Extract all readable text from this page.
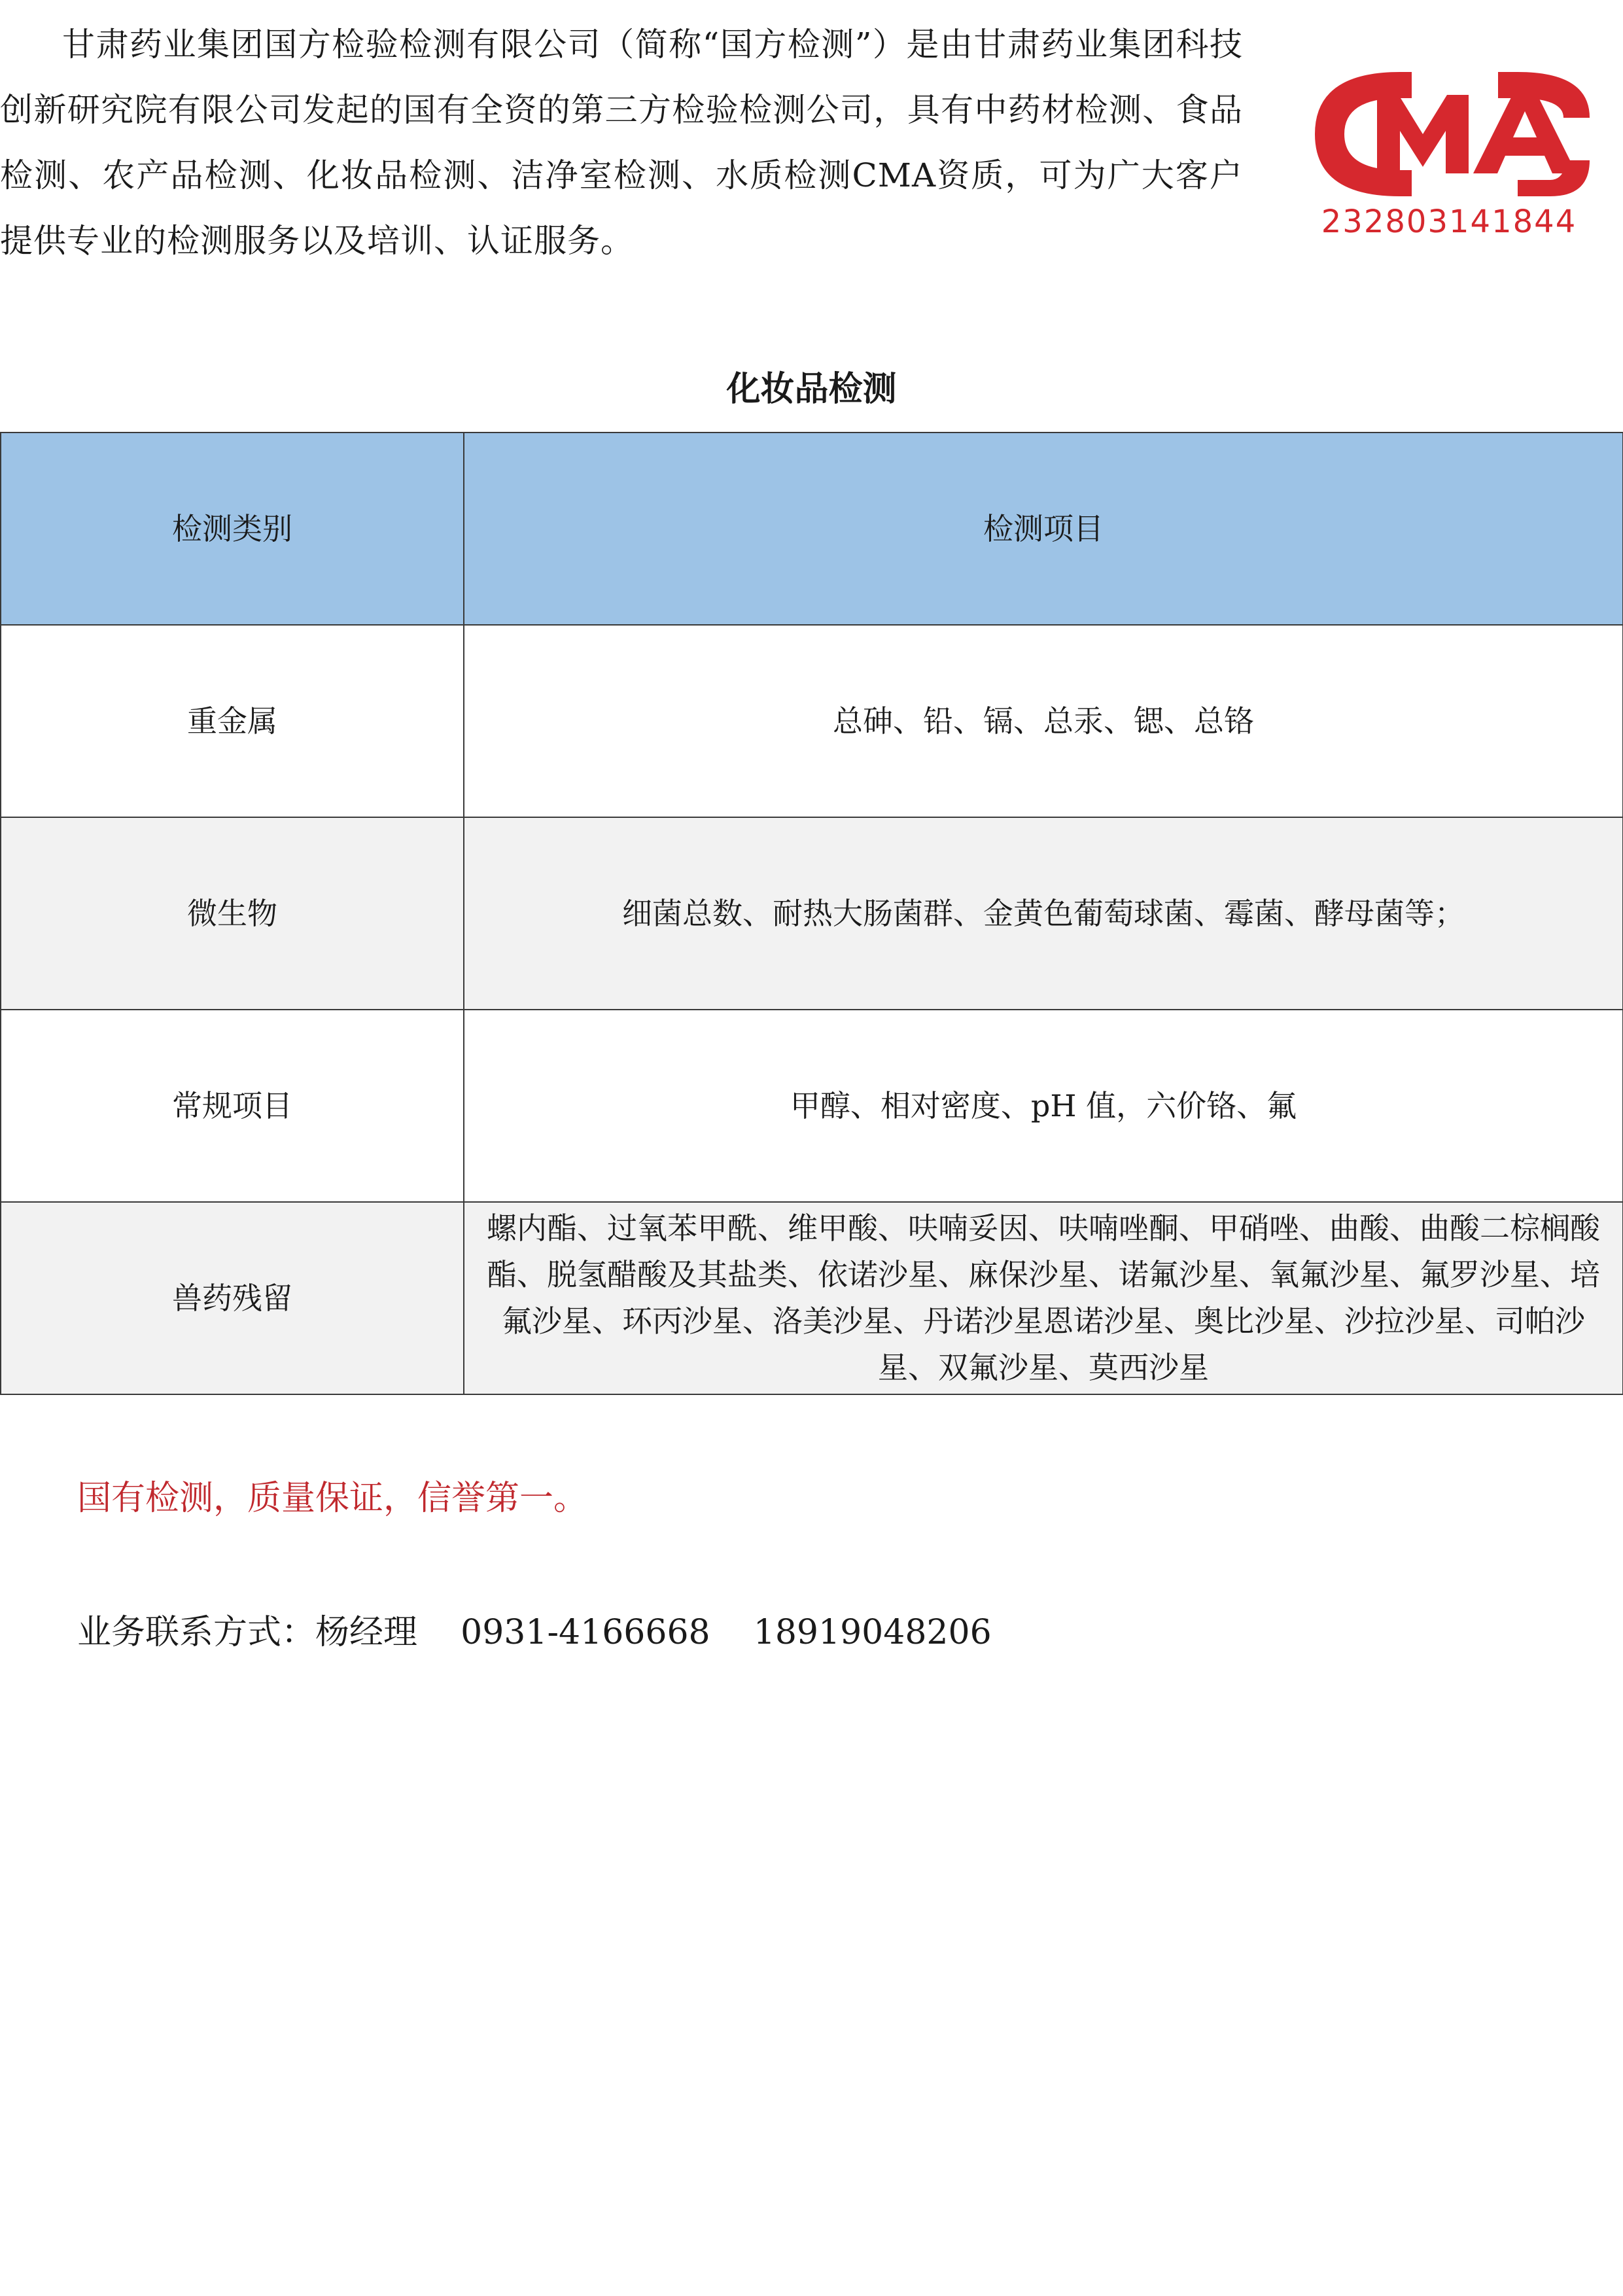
甘肃药业集团国方检验检测有限公司（简称“国方检测”）是由甘肃药业集团科技创新研究院有限公司发起的国有全资的第三方检验检测公司，具有中药材检测、食品检测、农产品检测、化妆品检测、洁净室检测、水质检测CMA资质，可为广大客户提供专业的检测服务以及培训、认证服务。	232803141844
化妆品检测
检测类别	检测项目
重金属	总砷、铅、镉、总汞、锶、总铬
微生物	细菌总数、耐热大肠菌群、金黄色葡萄球菌、霉菌、酵母菌等；
常规项目	甲醇、相对密度、pH 值，六价铬、氟
兽药残留	螺内酯、过氧苯甲酰、维甲酸、呋喃妥因、呋喃唑酮、甲硝唑、曲酸、曲酸二棕榈酸酯、脱氢醋酸及其盐类、依诺沙星、麻保沙星、诺氟沙星、氧氟沙星、氟罗沙星、培氟沙星、环丙沙星、洛美沙星、丹诺沙星恩诺沙星、奥比沙星、沙拉沙星、司帕沙星、双氟沙星、莫西沙星

国有检测，质量保证，信誉第一。

业务联系方式：杨经理    0931-4166668    18919048206
